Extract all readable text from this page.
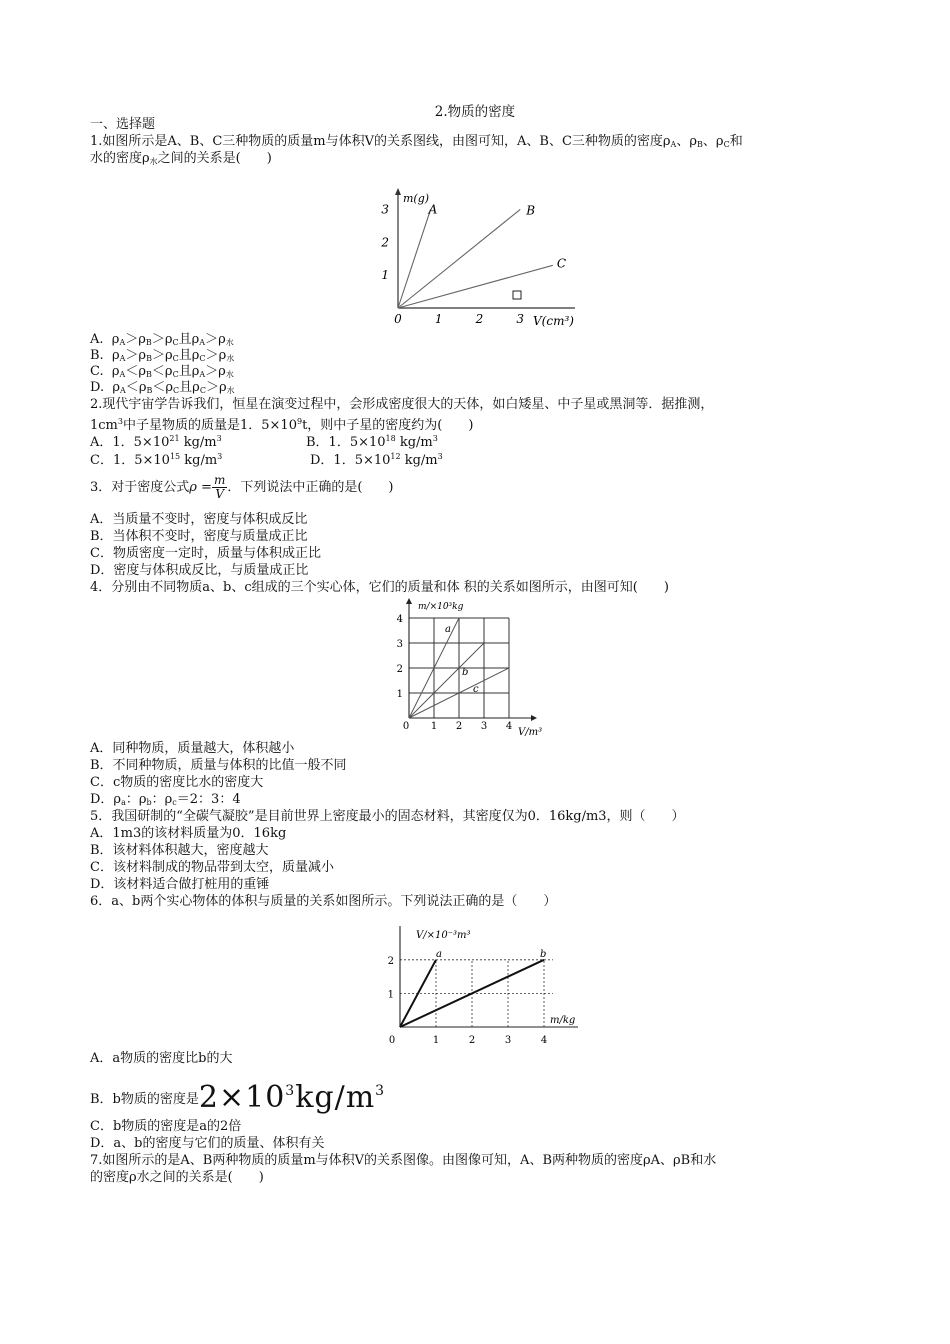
2.物质的密度
一、选择题
1.如图所示是A、B、C三种物质的质量m与体积V的关系图线，由图可知，A、B、C三种物质的密度$\rho_A$、$\rho_B$、$\rho_C$和
水的密度$\rho_水$之间的关系是(　　)
m(g)
0	1	2	3
1
2
3	A	B
C
V(cm³)
A. $\rho_A>\rho_B>\rho_C$且$\rho_A>\rho_水$
B. $\rho_A>\rho_B>\rho_C$且$\rho_C>\rho_水$
C. $\rho_A<\rho_B<\rho_C$且$\rho_A>\rho_水$
D. $\rho_A<\rho_B<\rho_C$且$\rho_C>\rho_水$
2.现代宇宙学告诉我们，恒星在演变过程中，会形成密度很大的天体，如白矮星、中子星或黑洞等．据推测，
$1cm^3$中子星物质的质量是1．$5\times 10^9t$，则中子星的密度约为(　　)
A．1．$5\times 10^{21}$ $kg/m^3$	B．1．$5\times 10^{18}$ $kg/m^3$
C．1．$5\times 10^{15}$ $kg/m^3$	D．1．$5\times 10^{12}$ $kg/m^3$
3．对于密度公式$\rho = \frac{m}{V}$ ．下列说法中正确的是(　　)
A．当质量不变时，密度与体积成反比
B．当体积不变时，密度与质量成正比
C．物质密度一定时，质量与体积成正比
D．密度与体积成反比，与质量成正比
4．分别由不同物质a、b、c组成的三个实心体，它们的质量和体 积的关系如图所示，由图可知(　　)
m/×10³kg
0 1 2 3 4
1
2
3
4
a
b
c
V/m³
A．同种物质，质量越大，体积越小
B．不同种物质，质量与体积的比值一般不同
C．c物质的密度比水的密度大
D．$\rho_a$：$\rho_b$：$\rho_c=2$：3：4
5．我国研制的“全碳气凝胶”是目前世界上密度最小的固态材料，其密度仅为0．16kg/m3，则（　　）
A．1m3的该材料质量为0．16kg
B．该材料体积越大，密度越大
C．该材料制成的物品带到太空，质量减小
D．该材料适合做打桩用的重锤
6．a、b两个实心物体的体积与质量的关系如图所示。下列说法正确的是（　　）
V/×10⁻³m³
0	1	2	3	4
1
2
a	b
m/kg
A．a物质的密度比b的大
B．b物质的密度是$2\times 10^3kg/m^3$
C．b物质的密度是a的2倍
D．a、b的密度与它们的质量、体积有关
7.如图所示的是A、B两种物质的质量m与体积V的关系图像。由图像可知，A、B两种物质的密度ρA、ρB和水
的密度ρ水之间的关系是(　　)
